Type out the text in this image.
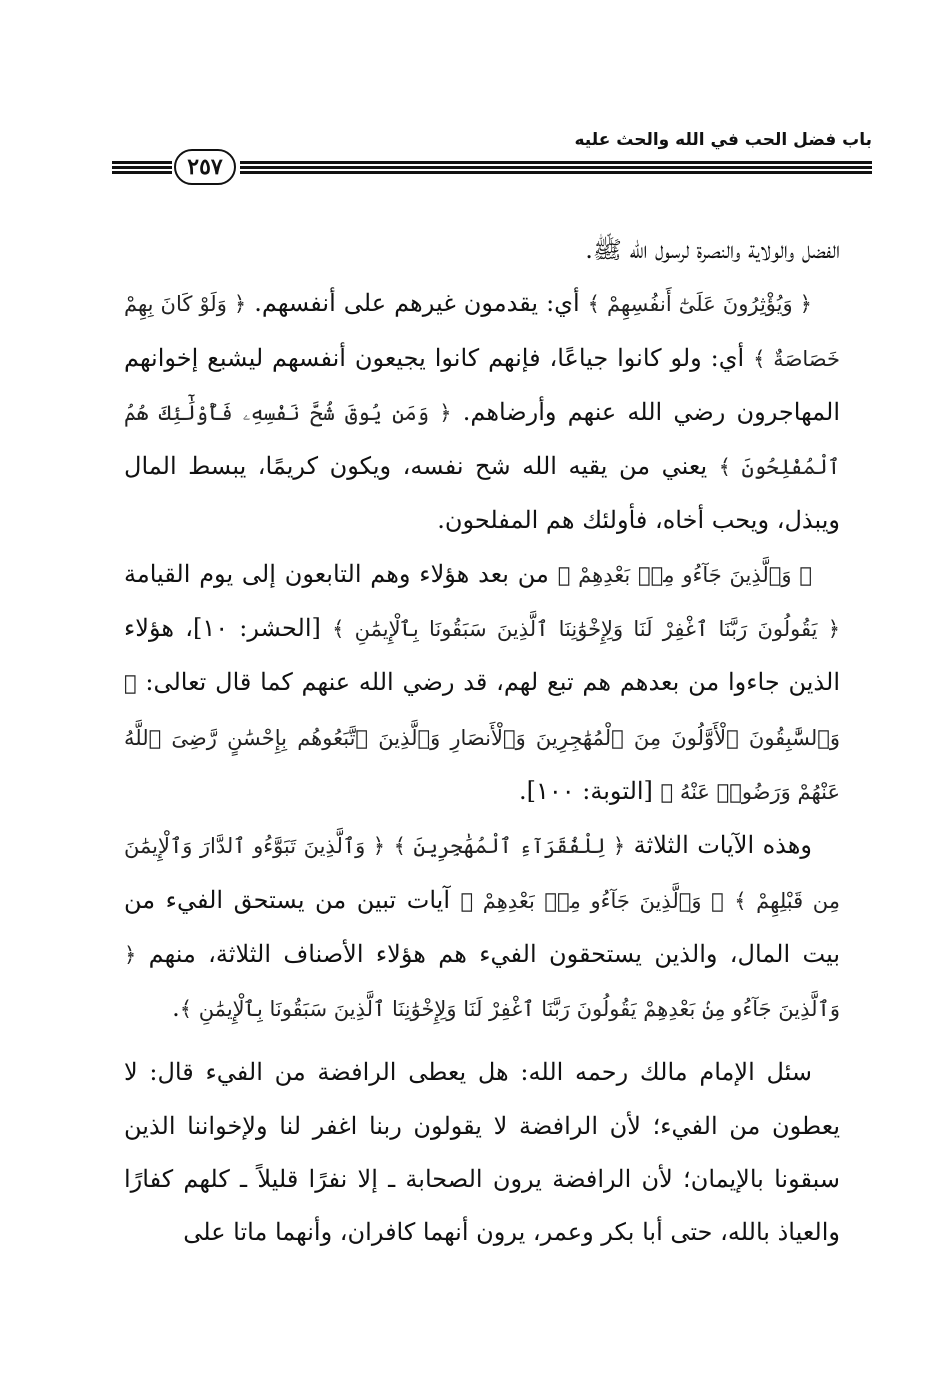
باب فضل الحب في الله والحث عليه
٢٥٧

الفضل والولاية والنصرة لرسول الله ﷺ.

﴿ وَيُؤْثِرُونَ عَلَىٰٓ أَنفُسِهِمْ ﴾ أي: يقدمون غيرهم على أنفسهم. ﴿ وَلَوْ كَانَ بِهِمْ خَصَاصَةٌ ﴾ أي: ولو كانوا جياعًا، فإنهم كانوا يجيعون أنفسهم ليشبع إخوانهم المهاجرون رضي الله عنهم وأرضاهم. ﴿ وَمَن يُوقَ شُحَّ نَفْسِهِۦ فَأُوْلَٰٓئِكَ هُمُ ٱلْمُفْلِحُونَ ﴾ يعني من يقيه الله شح نفسه، ويكون كريمًا، يبسط المال ويبذل، ويحب أخاه، فأولئك هم المفلحون.

﴿ وَٱلَّذِينَ جَآءُو مِنۢ بَعْدِهِمْ ﴾ من بعد هؤلاء وهم التابعون إلى يوم القيامة ﴿ يَقُولُونَ رَبَّنَا ٱغْفِرْ لَنَا وَلِإِخْوَٰنِنَا ٱلَّذِينَ سَبَقُونَا بِٱلْإِيمَٰنِ ﴾ [الحشر: ١٠]، هؤلاء الذين جاءوا من بعدهم هم تبع لهم، قد رضي الله عنهم كما قال تعالى: ﴿ وَٱلسَّٰبِقُونَ ٱلْأَوَّلُونَ مِنَ ٱلْمُهَٰجِرِينَ وَٱلْأَنصَارِ وَٱلَّذِينَ ٱتَّبَعُوهُم بِإِحْسَٰنٍ رَّضِىَ ٱللَّهُ عَنْهُمْ وَرَضُوا۟ عَنْهُ ﴾ [التوبة: ١٠٠].

وهذه الآيات الثلاثة ﴿ لِلْفُقَرَآءِ ٱلْمُهَٰجِرِينَ ﴾ ﴿ وَٱلَّذِينَ تَبَوَّءُو ٱلدَّارَ وَٱلْإِيمَٰنَ مِن قَبْلِهِمْ ﴾ ﴿ وَٱلَّذِينَ جَآءُو مِنۢ بَعْدِهِمْ ﴾ آيات تبين من يستحق الفيء من بيت المال، والذين يستحقون الفيء هم هؤلاء الأصناف الثلاثة، منهم ﴿ وَٱلَّذِينَ جَآءُو مِنۢ بَعْدِهِمْ يَقُولُونَ رَبَّنَا ٱغْفِرْ لَنَا وَلِإِخْوَٰنِنَا ٱلَّذِينَ سَبَقُونَا بِٱلْإِيمَٰنِ ﴾.

سئل الإمام مالك رحمه الله: هل يعطى الرافضة من الفيء قال: لا يعطون من الفيء؛ لأن الرافضة لا يقولون ربنا اغفر لنا ولإخواننا الذين سبقونا بالإيمان؛ لأن الرافضة يرون الصحابة ـ إلا نفرًا قليلاً ـ كلهم كفارًا والعياذ بالله، حتى أبا بكر وعمر، يرون أنهما كافران، وأنهما ماتا على
